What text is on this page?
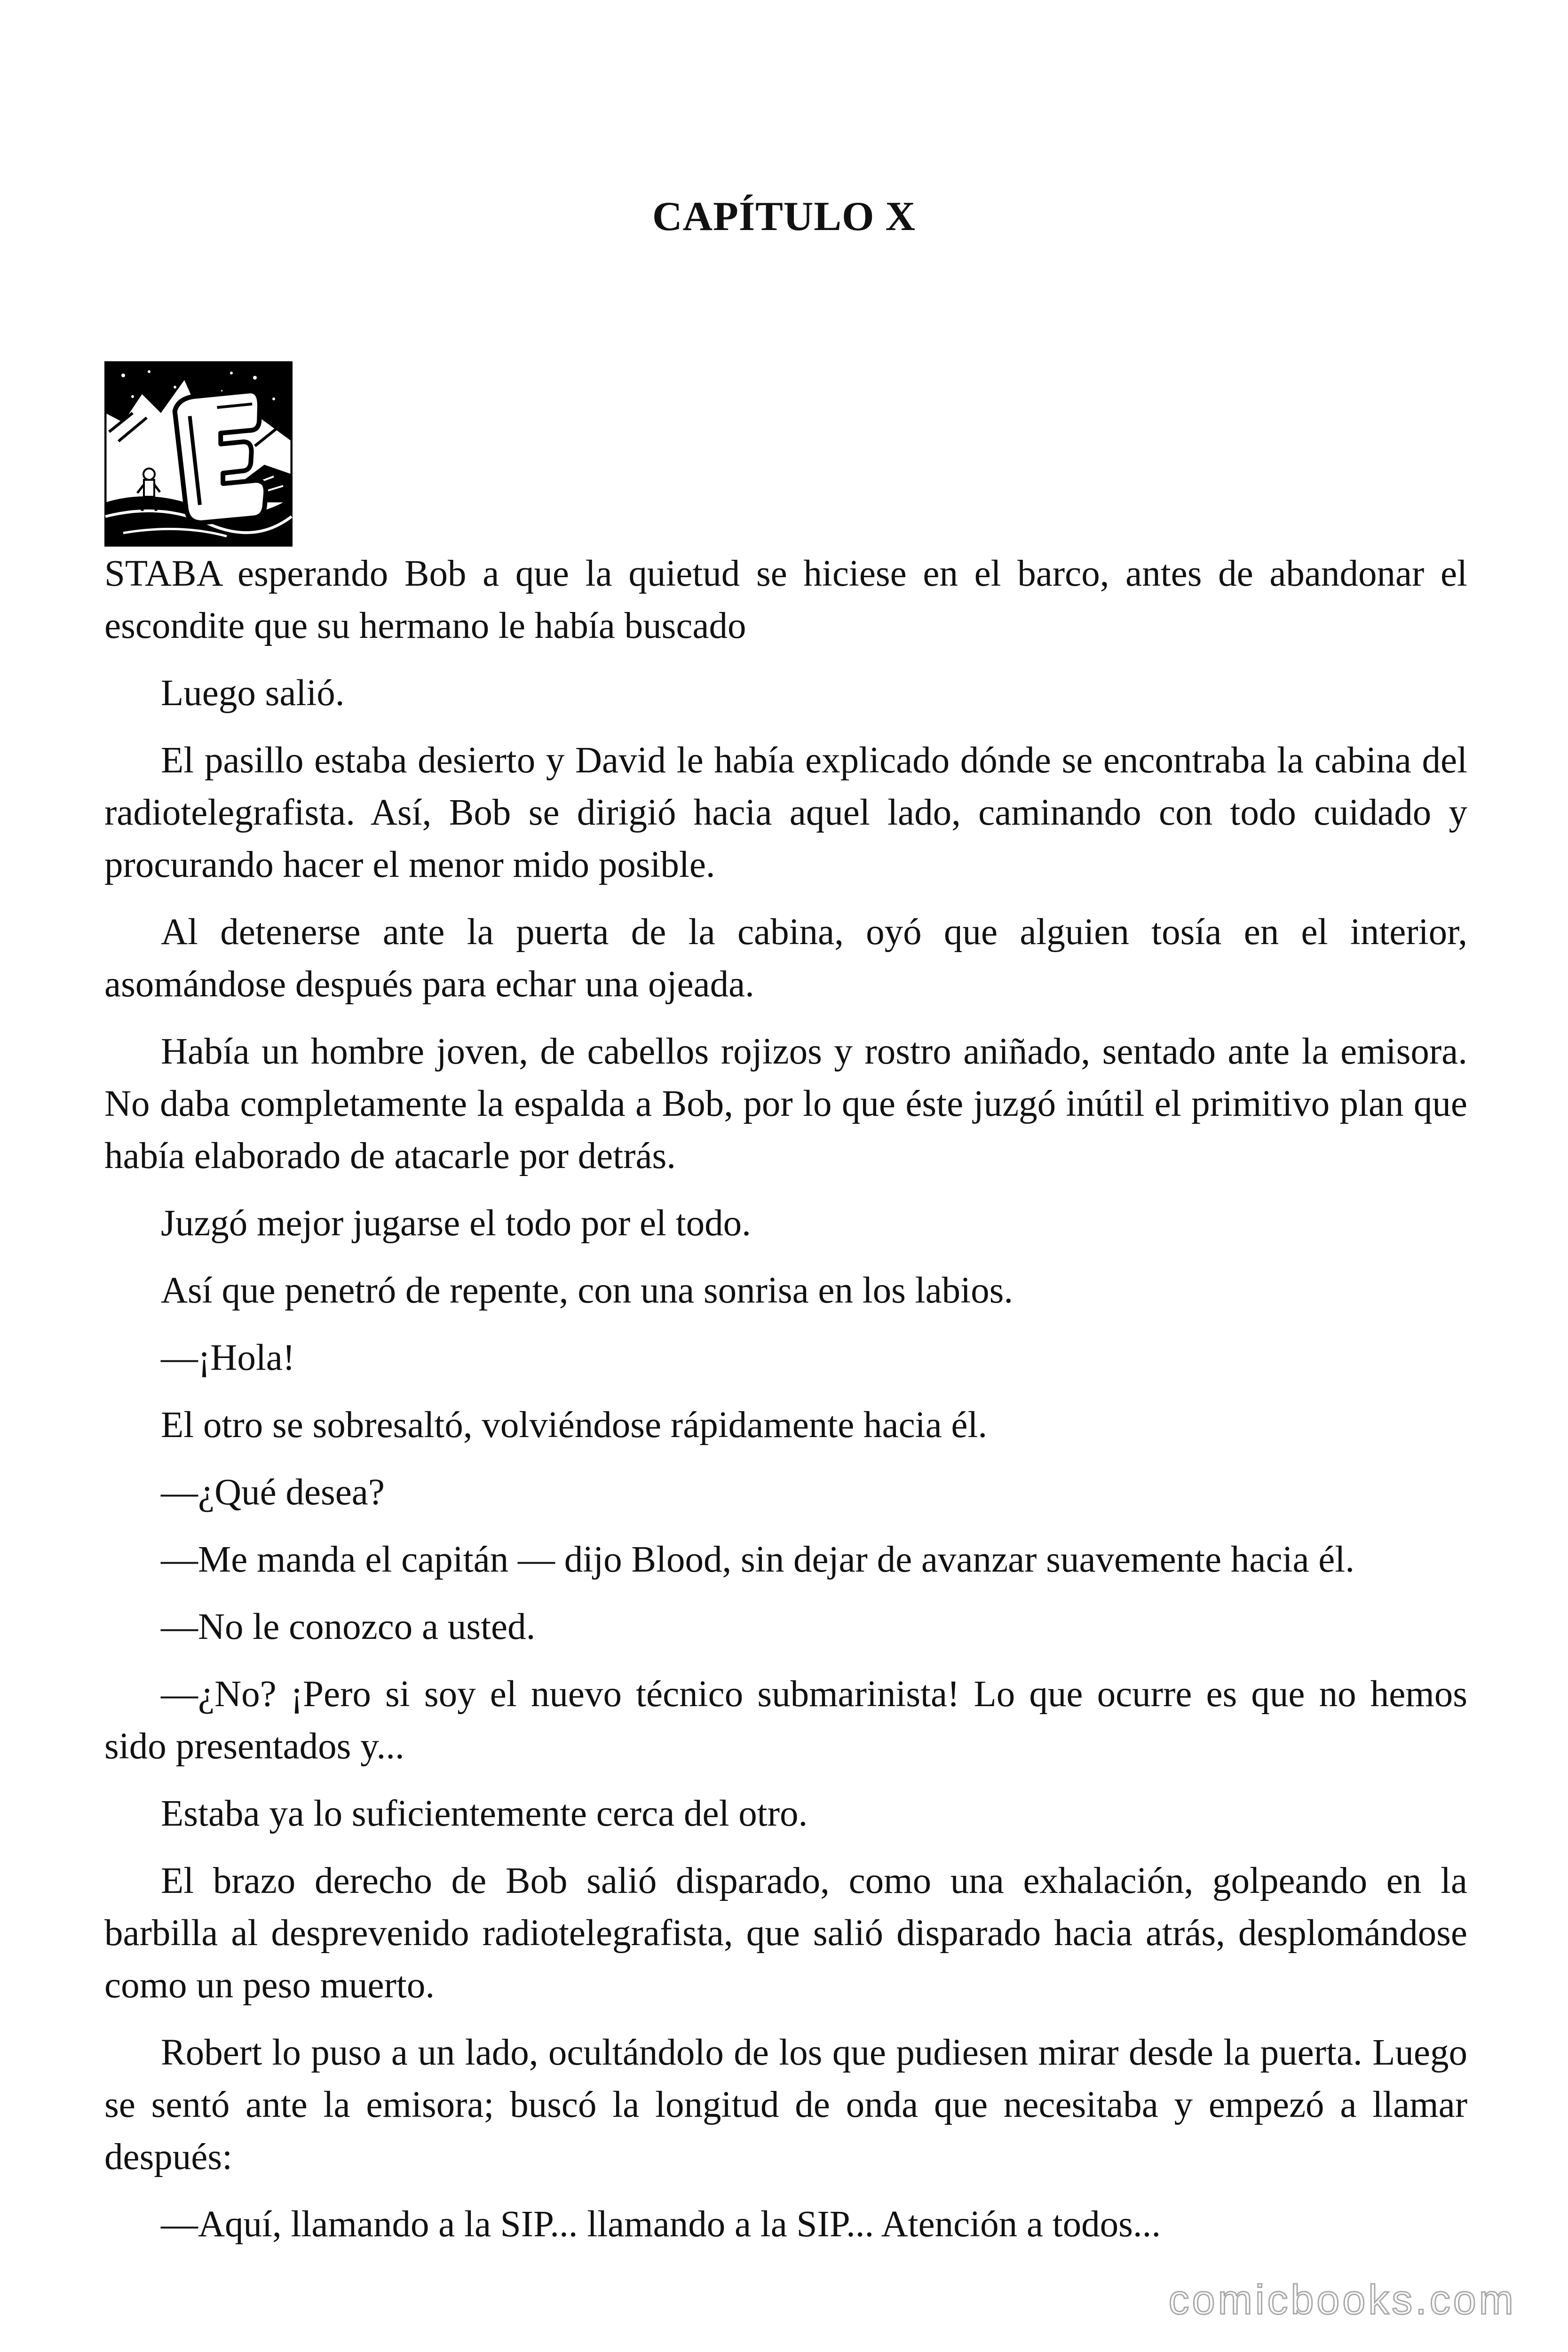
CAPÍTULO X

STABA esperando Bob a que la quietud se hiciese en el barco, antes de abandonar el escondite que su hermano le había buscado

Luego salió.

El pasillo estaba desierto y David le había explicado dónde se encontraba la cabina del radiotelegrafista. Así, Bob se dirigió hacia aquel lado, caminando con todo cuidado y procurando hacer el menor mido posible.

Al detenerse ante la puerta de la cabina, oyó que alguien tosía en el interior, asomándose después para echar una ojeada.

Había un hombre joven, de cabellos rojizos y rostro aniñado, sentado ante la emisora. No daba completamente la espalda a Bob, por lo que éste juzgó inútil el primitivo plan que había elaborado de atacarle por detrás.

Juzgó mejor jugarse el todo por el todo.

Así que penetró de repente, con una sonrisa en los labios.

—¡Hola!

El otro se sobresaltó, volviéndose rápidamente hacia él.

—¿Qué desea?

—Me manda el capitán — dijo Blood, sin dejar de avanzar suavemente hacia él.

—No le conozco a usted.

—¿No? ¡Pero si soy el nuevo técnico submarinista! Lo que ocurre es que no hemos sido presentados y...

Estaba ya lo suficientemente cerca del otro.

El brazo derecho de Bob salió disparado, como una exhalación, golpeando en la barbilla al desprevenido radiotelegrafista, que salió disparado hacia atrás, desplomándose como un peso muerto.

Robert lo puso a un lado, ocultándolo de los que pudiesen mirar desde la puerta. Luego se sentó ante la emisora; buscó la longitud de onda que necesitaba y empezó a llamar después:

—Aquí, llamando a la SIP... llamando a la SIP... Atención a todos...

comicbooks.com
